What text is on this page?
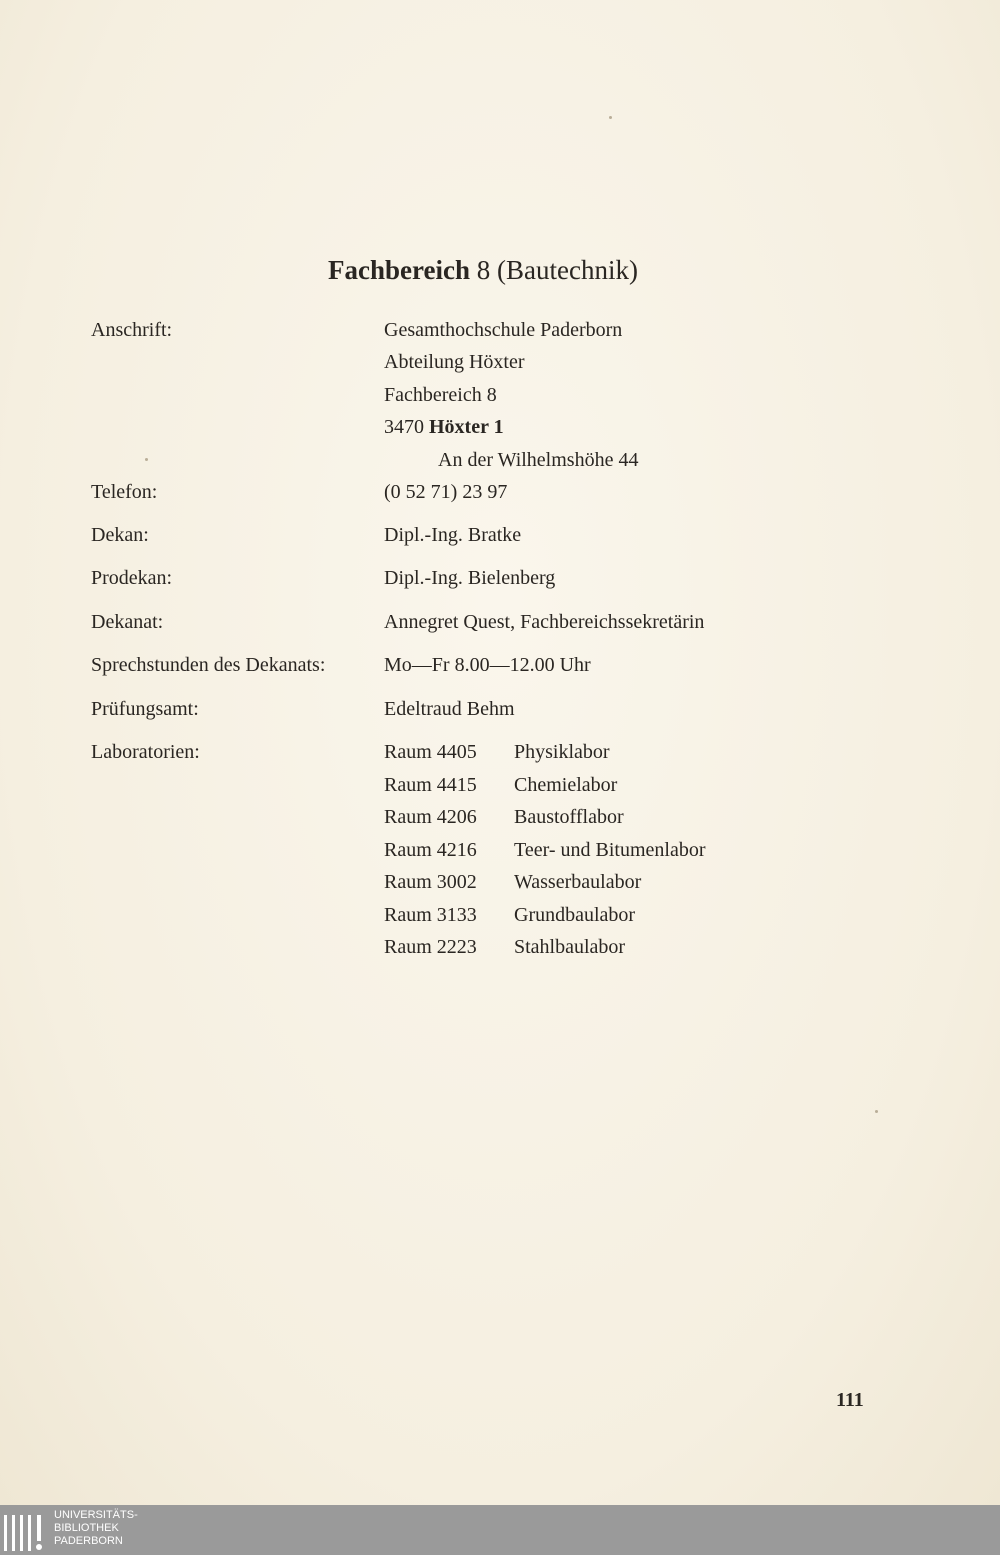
Fachbereich 8 (Bautechnik)
Anschrift:	Gesamthochschule Paderborn
Abteilung Höxter
Fachbereich 8
3470 Höxter 1
An der Wilhelmshöhe 44
Telefon:	(0 52 71) 23 97
Dekan:	Dipl.-Ing. Bratke
Prodekan:	Dipl.-Ing. Bielenberg
Dekanat:	Annegret Quest, Fachbereichssekretärin
Sprechstunden des Dekanats:	Mo—Fr 8.00—12.00 Uhr
Prüfungsamt:	Edeltraud Behm
Laboratorien:	Raum 4405 Physiklabor
Raum 4415 Chemielabor
Raum 4206 Baustofflabor
Raum 4216 Teer- und Bitumenlabor
Raum 3002 Wasserbaulabor
Raum 3133 Grundbaulabor
Raum 2223 Stahlbaulabor
111
UNIVERSITÄTS-
BIBLIOTHEK
PADERBORN
